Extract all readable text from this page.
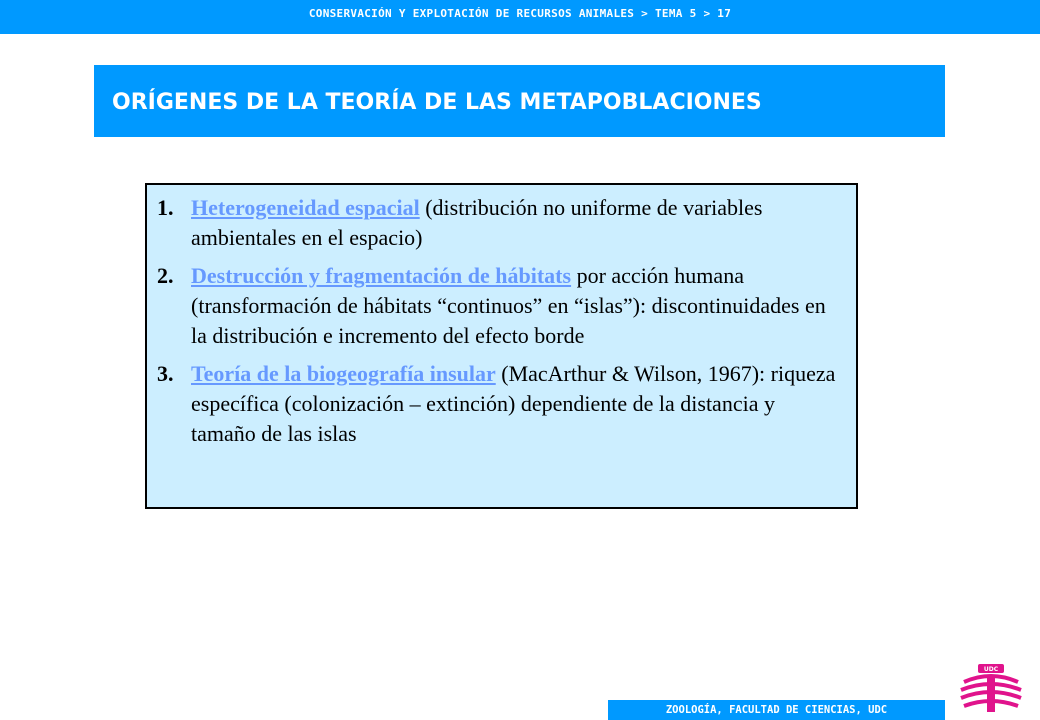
CONSERVACIÓN Y EXPLOTACIÓN DE RECURSOS ANIMALES > TEMA 5 > 17
ORÍGENES DE LA TEORÍA DE LAS METAPOBLACIONES
1. Heterogeneidad espacial (distribución no uniforme de variables ambientales en el espacio)
2. Destrucción y fragmentación de hábitats por acción humana (transformación de hábitats “continuos” en “islas”): discontinuidades en la distribución e incremento del efecto borde
3. Teoría de la biogeografía insular (MacArthur & Wilson, 1967): riqueza específica (colonización – extinción) dependiente de la distancia y tamaño de las islas
UDC
ZOOLOGÍA, FACULTAD DE CIENCIAS, UDC
